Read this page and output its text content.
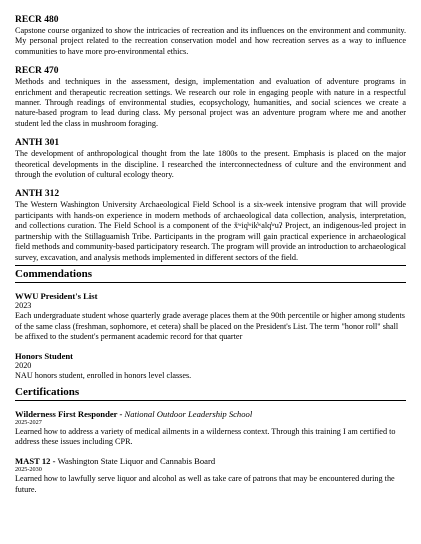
RECR 480
Capstone course organized to show the intricacies of recreation and its influences on the environment and community. My personal project related to the recreation conservation model and how recreation serves as a way to influence communities to have more pro-environmental ethics.
RECR 470
Methods and techniques in the assessment, design, implementation and evaluation of adventure programs in enrichment and therapeutic recreation settings. We research our role in engaging people with nature in a respectful manner. Through readings of environmental studies, ecopsychology, humanities, and social sciences we create a nature-based program to lead during class. My personal project was an adventure program where me and another student led the class in mushroom foraging.
ANTH 301
The development of anthropological thought from the late 1800s to the present. Emphasis is placed on the major theoretical developments in the discipline. I researched the interconnectedness of culture and the environment and through the evolution of cultural ecology theory.
ANTH 312
The Western Washington University Archaeological Field School is a six-week intensive program that will provide participants with hands-on experience in modern methods of archaeological data collection, analysis, interpretation, and collections curation. The Field School is a component of the x̌ʷiq̓ʷik̓ʷalq̓ʷuʔ Project, an indigenous-led project in partnership with the Stillaguamish Tribe. Participants in the program will gain practical experience in archaeological field methods and community-based participatory research. The program will provide an introduction to archaeological survey, excavation, and analysis methods implemented in different sectors of the field.
Commendations
WWU President's List
2023
Each undergraduate student whose quarterly grade average places them at the 90th percentile or higher among students of the same class (freshman, sophomore, et cetera) shall be placed on the President's List. The term "honor roll" shall be affixed to the student's permanent academic record for that quarter
Honors Student
2020
NAU honors student, enrolled in honors level classes.
Certifications
Wilderness First Responder - National Outdoor Leadership School
2025-2027
Learned how to address a variety of medical ailments in a wilderness context. Through this training I am certified to address these issues including CPR.
MAST 12 - Washington State Liquor and Cannabis Board
2025-2030
Learned how to lawfully serve liquor and alcohol as well as take care of patrons that may be encountered during the future.
